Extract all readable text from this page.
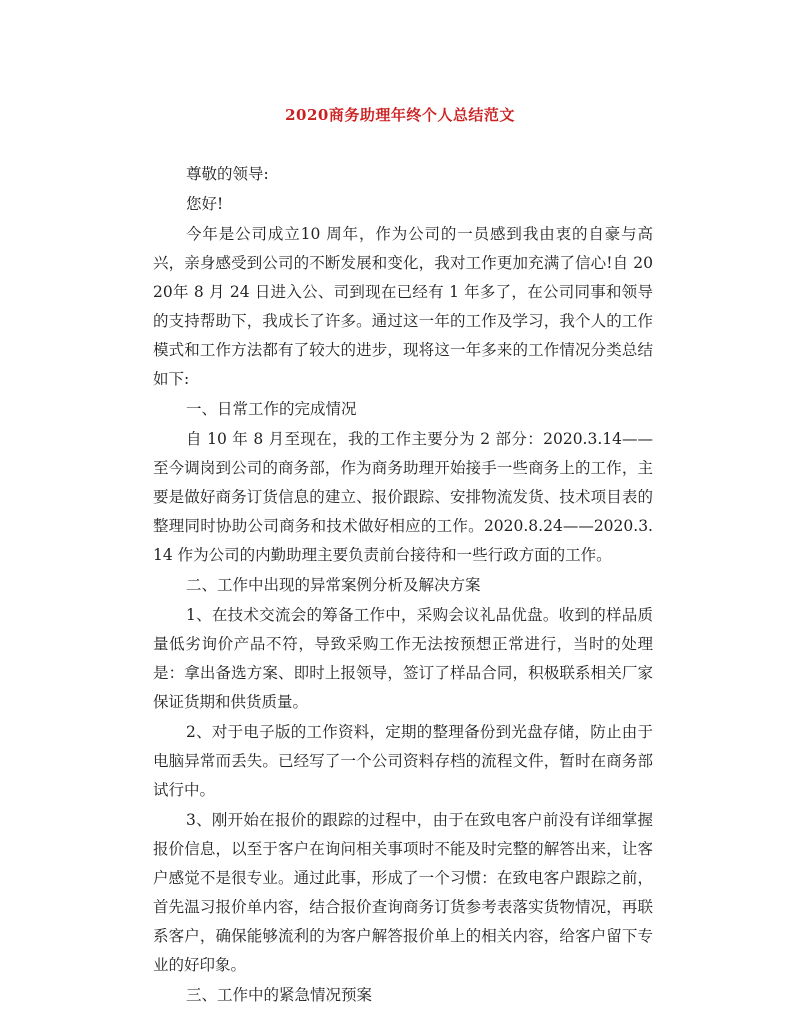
2020商务助理年终个人总结范文

尊敬的领导:

您好!

今年是公司成立10 周年，作为公司的一员感到我由衷的自豪与高兴，亲身感受到公司的不断发展和变化，我对工作更加充满了信心!自 2020年 8 月 24 日进入公、司到现在已经有 1 年多了，在公司同事和领导的支持帮助下，我成长了许多。通过这一年的工作及学习，我个人的工作模式和工作方法都有了较大的进步，现将这一年多来的工作情况分类总结如下:

一、日常工作的完成情况

自 10 年 8 月至现在，我的工作主要分为 2 部分：2020.3.14——至今调岗到公司的商务部，作为商务助理开始接手一些商务上的工作，主要是做好商务订货信息的建立、报价跟踪、安排物流发货、技术项目表的整理同时协助公司商务和技术做好相应的工作。2020.8.24——2020.3.14 作为公司的内勤助理主要负责前台接待和一些行政方面的工作。

二、工作中出现的异常案例分析及解决方案

1、在技术交流会的筹备工作中，采购会议礼品优盘。收到的样品质量低劣询价产品不符，导致采购工作无法按预想正常进行，当时的处理是：拿出备选方案、即时上报领导，签订了样品合同，积极联系相关厂家保证货期和供货质量。

2、对于电子版的工作资料，定期的整理备份到光盘存储，防止由于电脑异常而丢失。已经写了一个公司资料存档的流程文件，暂时在商务部试行中。

3、刚开始在报价的跟踪的过程中，由于在致电客户前没有详细掌握报价信息，以至于客户在询问相关事项时不能及时完整的解答出来，让客户感觉不是很专业。通过此事，形成了一个习惯：在致电客户跟踪之前，首先温习报价单内容，结合报价查询商务订货参考表落实货物情况，再联系客户，确保能够流利的为客户解答报价单上的相关内容，给客户留下专业的好印象。

三、工作中的紧急情况预案
